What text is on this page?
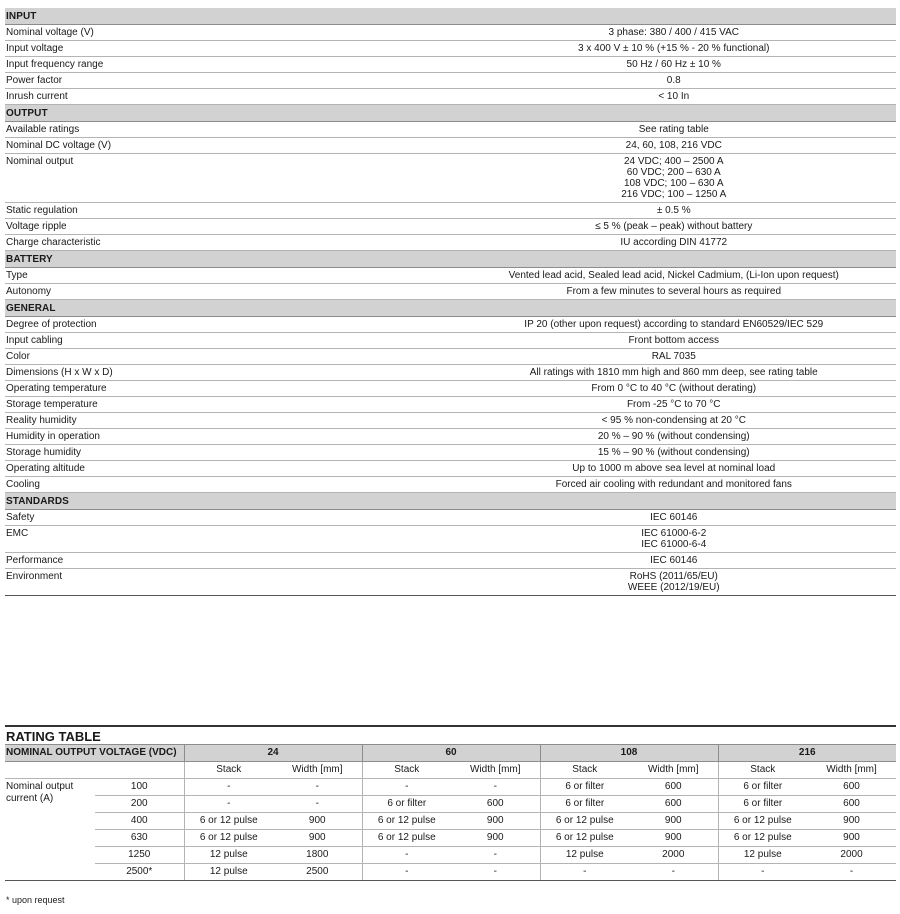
INPUT	
Nominal voltage (V)	3 phase: 380 / 400 / 415 VAC

Input voltage	3 x 400 V ± 10 % (+15 % - 20 % functional)

Input frequency range	50 Hz / 60 Hz ± 10 %

Power factor	0.8

Inrush current	< 10 In

OUTPUT	
Available ratings	See rating table

Nominal DC voltage (V)	24, 60, 108, 216 VDC

Nominal output	24 VDC; 400 – 2500 A
60 VDC; 200 – 630 A
108 VDC; 100 – 630 A
216 VDC; 100 – 1250 A

Static regulation	± 0.5 %

Voltage ripple	≤ 5 % (peak – peak) without battery

Charge characteristic	IU according DIN 41772

BATTERY	
Type	Vented lead acid, Sealed lead acid, Nickel Cadmium, (Li-Ion upon request)

Autonomy	From a few minutes to several hours as required

GENERAL	
Degree of protection	IP 20 (other upon request) according to standard EN60529/IEC 529

Input cabling	Front bottom access

Color	RAL 7035

Dimensions (H x W x D)	All ratings with 1810 mm high and 860 mm deep, see rating table

Operating temperature	From 0 °C to 40 °C (without derating)

Storage temperature	From -25 °C to 70 °C

Reality humidity	< 95 % non-condensing at 20 °C

Humidity in operation	20 % – 90 % (without condensing)

Storage humidity	15 % – 90 % (without condensing)

Operating altitude	Up to 1000 m above sea level at nominal load

Cooling	Forced air cooling with redundant and monitored fans

STANDARDS	
Safety	IEC 60146

EMC	IEC 61000-6-2
IEC 61000-6-4

Performance	IEC 60146

Environment	RoHS (2011/65/EU)
WEEE (2012/19/EU)
RATING TABLE
NOMINAL OUTPUT VOLTAGE (VDC)		24		60		108		216	
		Stack	Width [mm]	Stack	Width [mm]	Stack	Width [mm]	Stack	Width [mm]
Nominal output current (A)	100	-	-	-	-	6 or filter	600	6 or filter	600
	200	-	-	6 or filter	600	6 or filter	600	6 or filter	600
	400	6 or 12 pulse	900	6 or 12 pulse	900	6 or 12 pulse	900	6 or 12 pulse	900
	630	6 or 12 pulse	900	6 or 12 pulse	900	6 or 12 pulse	900	6 or 12 pulse	900
	1250	12 pulse	1800	-	-	12 pulse	2000	12 pulse	2000
	2500*	12 pulse	2500	-	-	-	-	-	-
* upon request
